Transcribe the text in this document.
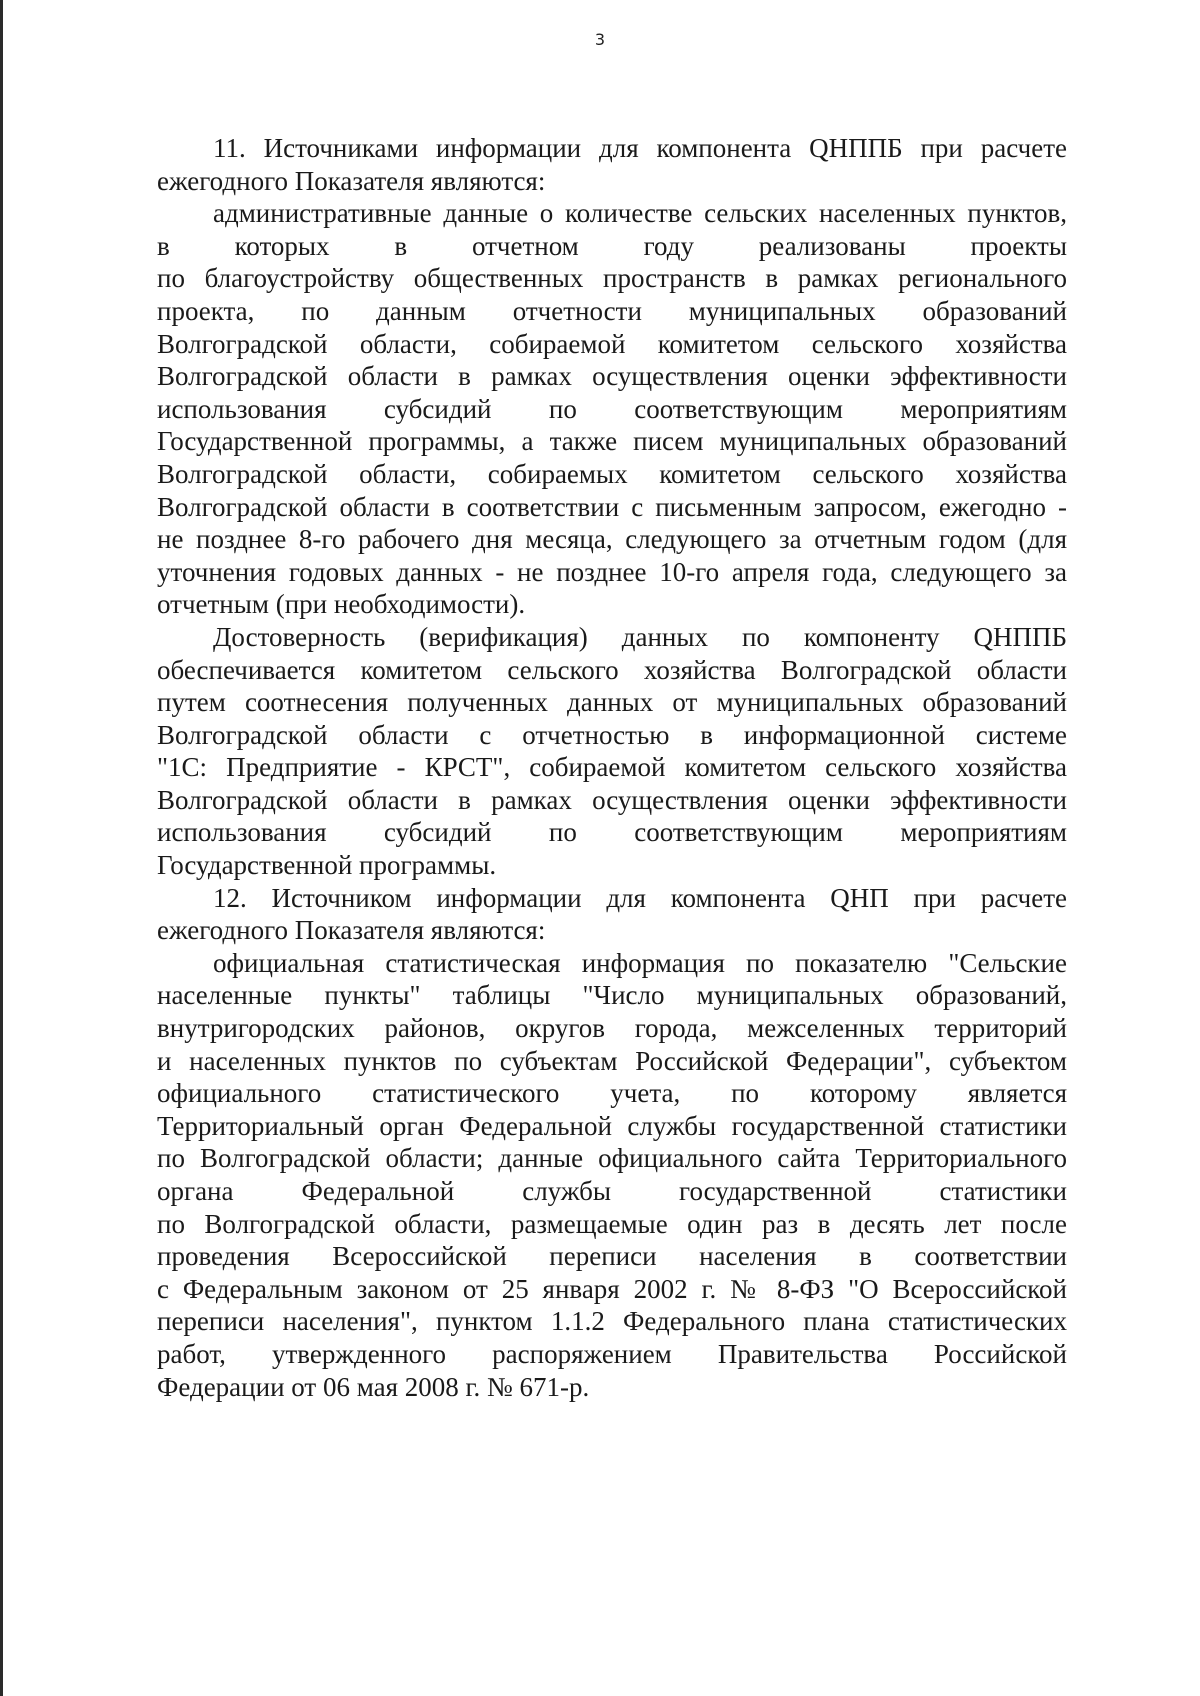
3
11. Источниками информации для компонента QНППБ при расчете
ежегодного Показателя являются:
административные данные о количестве сельских населенных пунктов,
в которых в отчетном году реализованы проекты
по благоустройству общественных пространств в рамках регионального
проекта, по данным отчетности муниципальных образований
Волгоградской области, собираемой комитетом сельского хозяйства
Волгоградской области в рамках осуществления оценки эффективности
использования субсидий по соответствующим мероприятиям
Государственной программы, а также писем муниципальных образований
Волгоградской области, собираемых комитетом сельского хозяйства
Волгоградской области в соответствии с письменным запросом, ежегодно -
не позднее 8-го рабочего дня месяца, следующего за отчетным годом (для
уточнения годовых данных - не позднее 10-го апреля года, следующего за
отчетным (при необходимости).
Достоверность (верификация) данных по компоненту QНППБ
обеспечивается комитетом сельского хозяйства Волгоградской области
путем соотнесения полученных данных от муниципальных образований
Волгоградской области с отчетностью в информационной системе
"1С: Предприятие - КРСТ", собираемой комитетом сельского хозяйства
Волгоградской области в рамках осуществления оценки эффективности
использования субсидий по соответствующим мероприятиям
Государственной программы.
12. Источником информации для компонента QНП при расчете
ежегодного Показателя являются:
официальная статистическая информация по показателю "Сельские
населенные пункты" таблицы "Число муниципальных образований,
внутригородских районов, округов города, межселенных территорий
и населенных пунктов по субъектам Российской Федерации", субъектом
официального статистического учета, по которому является
Территориальный орган Федеральной службы государственной статистики
по Волгоградской области; данные официального сайта Территориального
органа Федеральной службы государственной статистики
по Волгоградской области, размещаемые один раз в десять лет после
проведения Всероссийской переписи населения в соответствии
с Федеральным законом от 25 января 2002 г. № 8-ФЗ "О Всероссийской
переписи населения", пунктом 1.1.2 Федерального плана статистических
работ, утвержденного распоряжением Правительства Российской
Федерации от 06 мая 2008 г. № 671-р.
